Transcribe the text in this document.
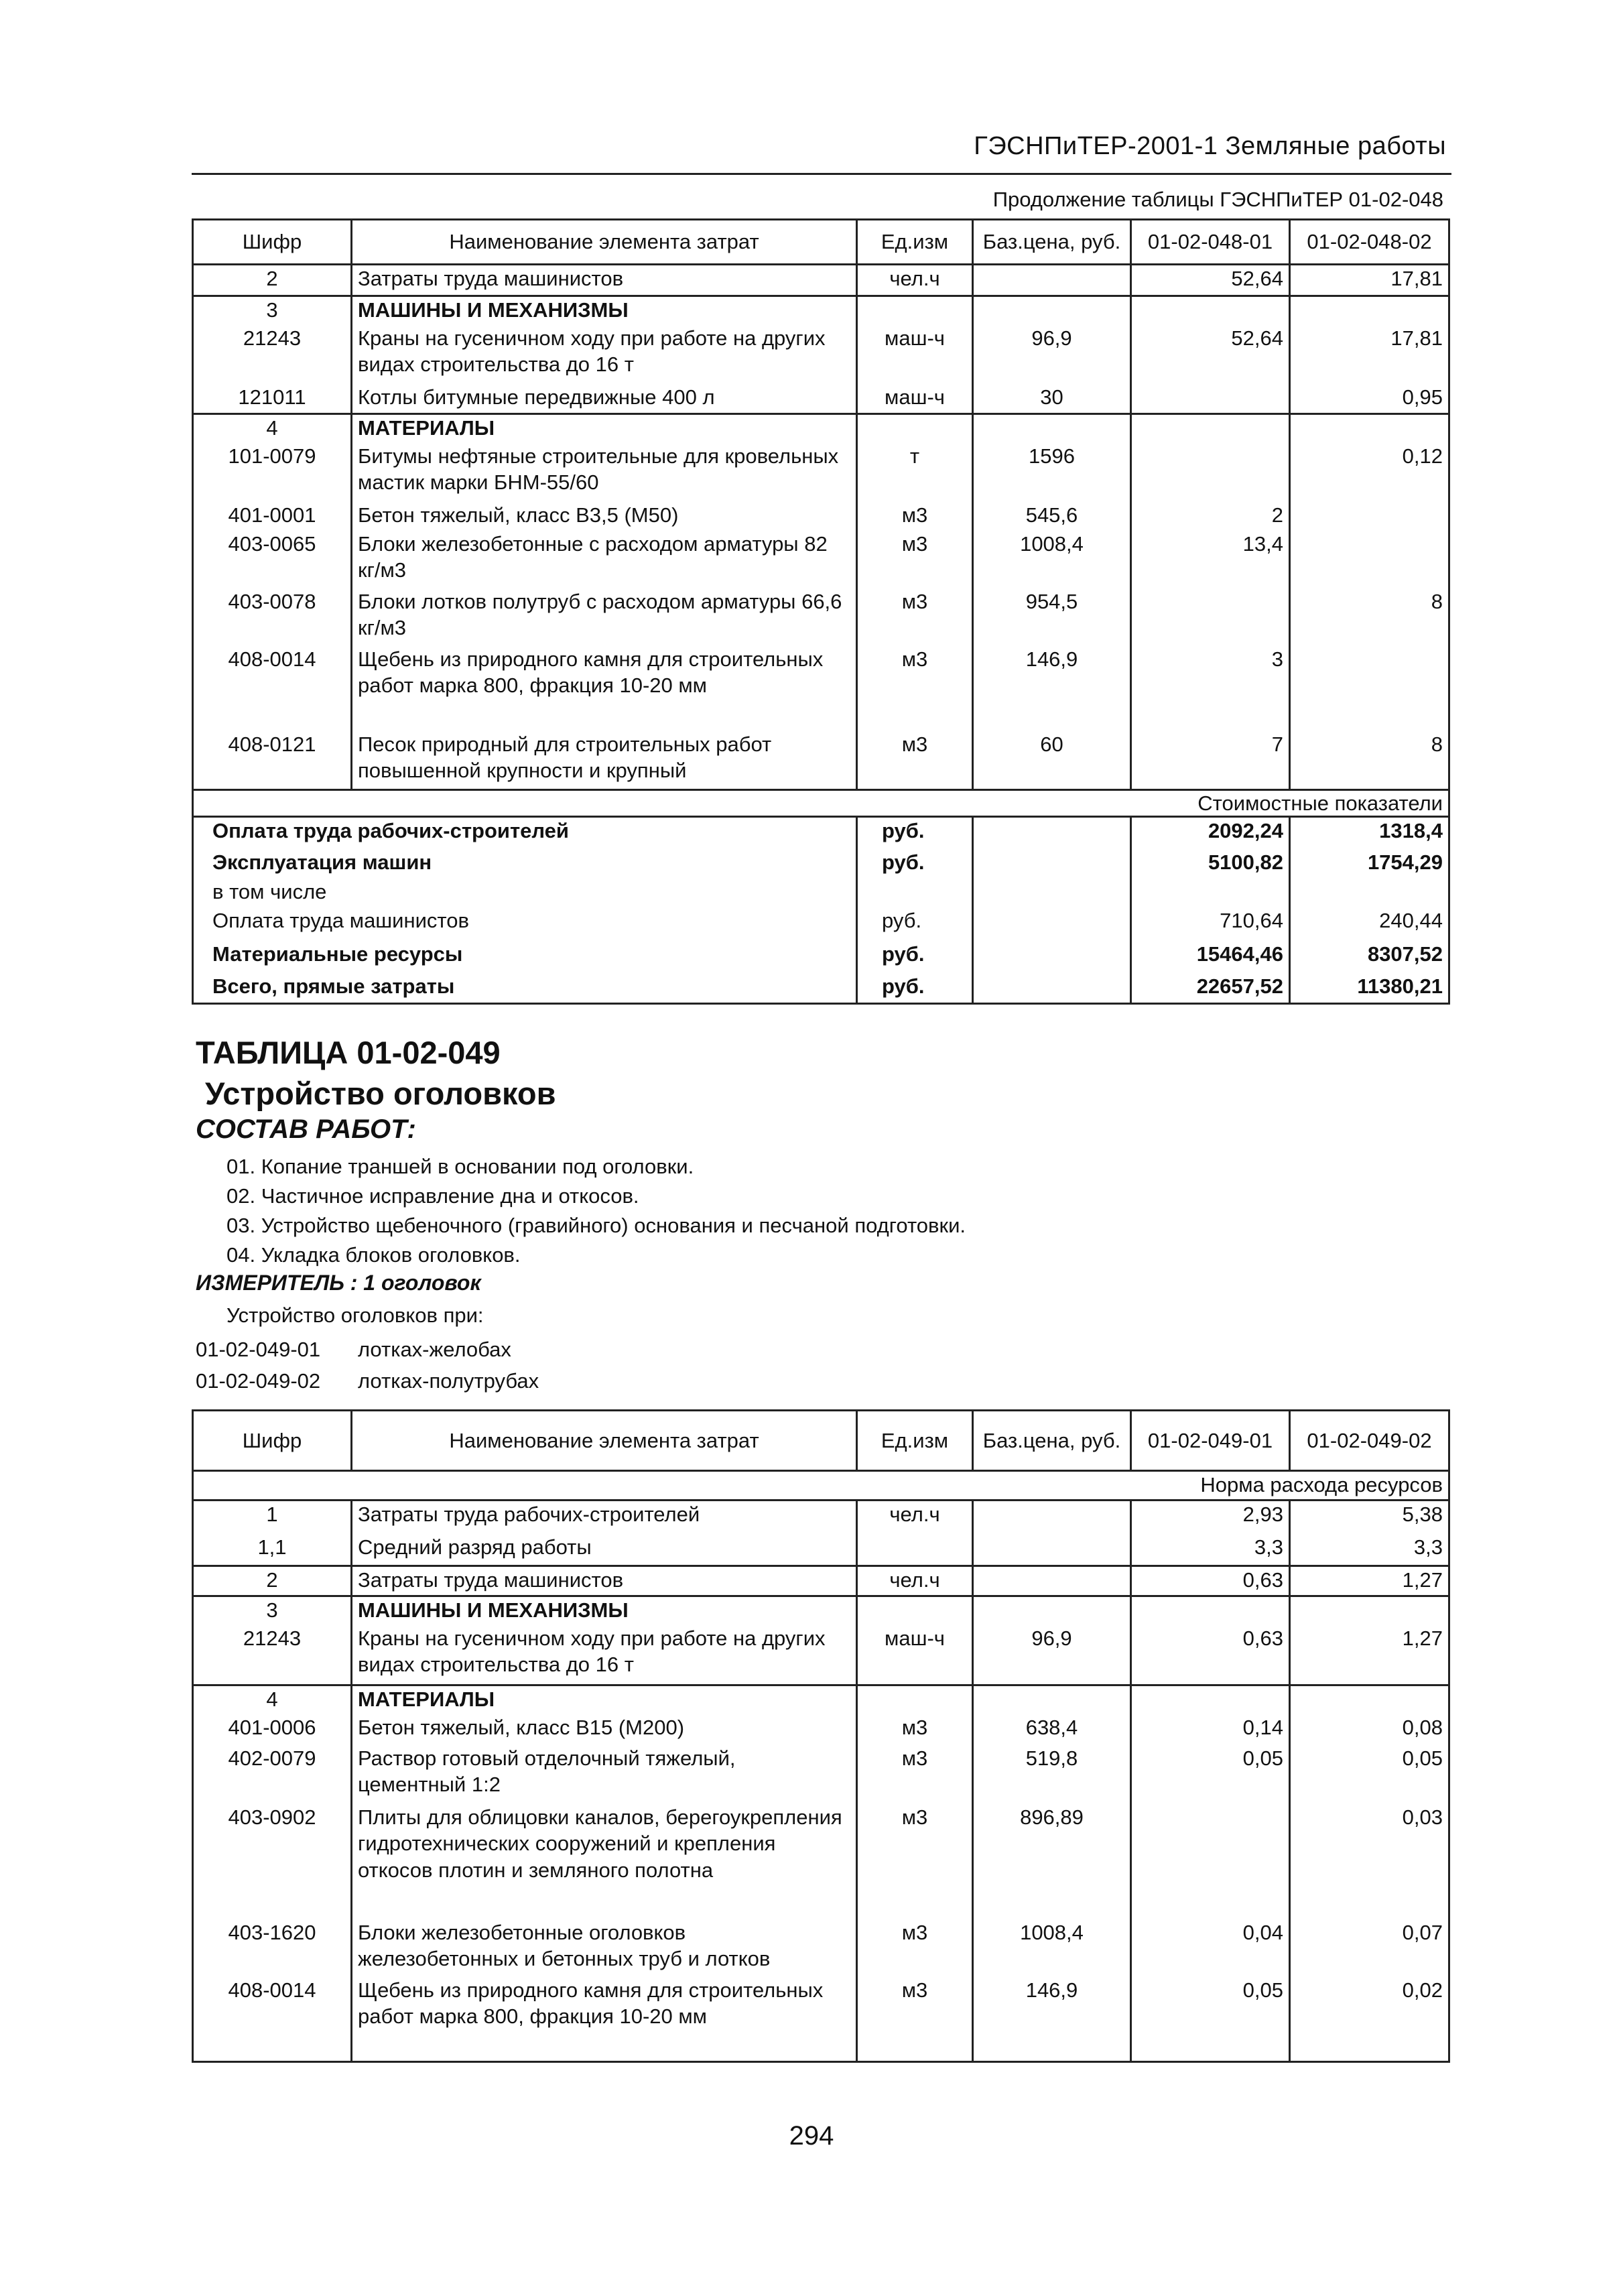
ГЭСНПиТЕР-2001-1 Земляные работы
Продолжение таблицы ГЭСНПиТЕР 01-02-048
Шифр	Наименование элемента затрат	Ед.изм	Баз.цена, руб.	01-02-048-01	01-02-048-02
2	Затраты труда машинистов	чел.ч		52,64	17,81
3	МАШИНЫ И МЕХАНИЗМЫ				
21243	Краны на гусеничном ходу при работе на других
видах строительства до 16 т	маш-ч	96,9	52,64	17,81
121011	Котлы битумные передвижные 400 л	маш-ч	30		0,95
4	МАТЕРИАЛЫ				
101-0079	Битумы нефтяные строительные для кровельных
мастик марки БНМ-55/60	т	1596		0,12
401-0001	Бетон тяжелый, класс В3,5 (М50)	м3	545,6	2	
403-0065	Блоки железобетонные с расходом арматуры 82
кг/м3	м3	1008,4	13,4	
403-0078	Блоки лотков полутруб с расходом арматуры 66,6
кг/м3	м3	954,5		8
408-0014	Щебень из природного камня для строительных
работ марка 800, фракция 10-20 мм	м3	146,9	3	
408-0121	Песок природный для строительных работ
повышенной крупности и крупный	м3	60	7	8
Стоимостные показатели					
Оплата труда рабочих-строителей		руб.		2092,24	1318,4
Эксплуатация машин		руб.		5100,82	1754,29
в том числе					
Оплата труда машинистов		руб.		710,64	240,44
Материальные ресурсы		руб.		15464,46	8307,52
Всего, прямые затраты		руб.		22657,52	11380,21
ТАБЛИЦА 01-02-049
Устройство оголовков
СОСТАВ РАБОТ:
01. Копание траншей в основании под оголовки.
02. Частичное исправление дна и откосов.
03. Устройство щебеночного (гравийного) основания и песчаной подготовки.
04. Укладка блоков оголовков.
ИЗМЕРИТЕЛЬ : 1 оголовок
Устройство оголовков при:
01-02-049-01 лотках-желобах
01-02-049-02 лотках-полутрубах
Шифр	Наименование элемента затрат	Ед.изм	Баз.цена, руб.	01-02-049-01	01-02-049-02
Норма расхода ресурсов					
1	Затраты труда рабочих-строителей	чел.ч		2,93	5,38
1,1	Средний разряд работы			3,3	3,3
2	Затраты труда машинистов	чел.ч		0,63	1,27
3	МАШИНЫ И МЕХАНИЗМЫ				
21243	Краны на гусеничном ходу при работе на других
видах строительства до 16 т	маш-ч	96,9	0,63	1,27
4	МАТЕРИАЛЫ				
401-0006	Бетон тяжелый, класс В15 (М200)	м3	638,4	0,14	0,08
402-0079	Раствор готовый отделочный тяжелый,
цементный 1:2	м3	519,8	0,05	0,05
403-0902	Плиты для облицовки каналов, берегоукрепления
гидротехнических сооружений и крепления
откосов плотин и земляного полотна	м3	896,89		0,03
403-1620	Блоки железобетонные оголовков
железобетонных и бетонных труб и лотков	м3	1008,4	0,04	0,07
408-0014	Щебень из природного камня для строительных
работ марка 800, фракция 10-20 мм	м3	146,9	0,05	0,02
294
